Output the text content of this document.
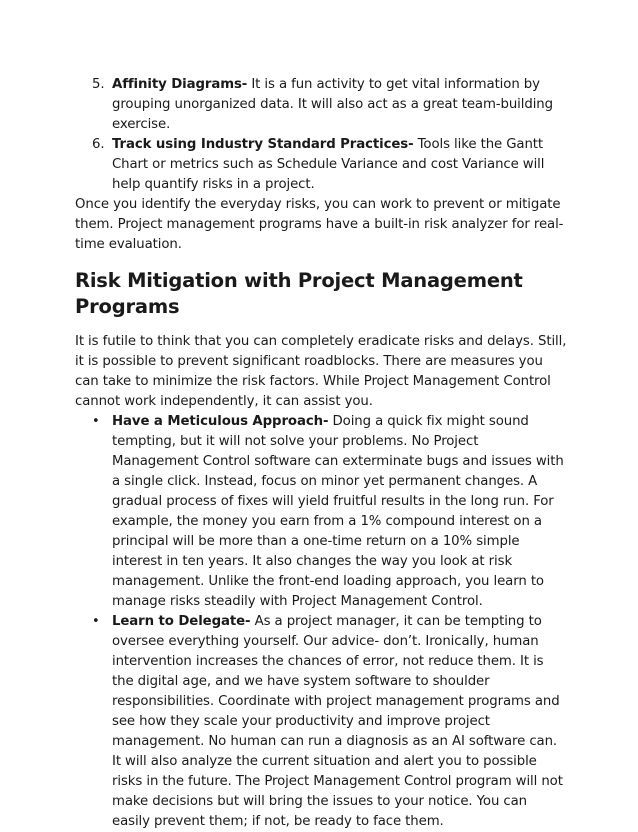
5. Affinity Diagrams- It is a fun activity to get vital information by grouping unorganized data. It will also act as a great team-building exercise.
6. Track using Industry Standard Practices- Tools like the Gantt Chart or metrics such as Schedule Variance and cost Variance will help quantify risks in a project.

Once you identify the everyday risks, you can work to prevent or mitigate them. Project management programs have a built-in risk analyzer for real-time evaluation.

Risk Mitigation with Project Management Programs

It is futile to think that you can completely eradicate risks and delays. Still, it is possible to prevent significant roadblocks. There are measures you can take to minimize the risk factors. While Project Management Control cannot work independently, it can assist you.

• Have a Meticulous Approach- Doing a quick fix might sound tempting, but it will not solve your problems. No Project Management Control software can exterminate bugs and issues with a single click. Instead, focus on minor yet permanent changes. A gradual process of fixes will yield fruitful results in the long run. For example, the money you earn from a 1% compound interest on a principal will be more than a one-time return on a 10% simple interest in ten years. It also changes the way you look at risk management. Unlike the front-end loading approach, you learn to manage risks steadily with Project Management Control.
• Learn to Delegate- As a project manager, it can be tempting to oversee everything yourself. Our advice- don’t. Ironically, human intervention increases the chances of error, not reduce them. It is the digital age, and we have system software to shoulder responsibilities. Coordinate with project management programs and see how they scale your productivity and improve project management. No human can run a diagnosis as an AI software can. It will also analyze the current situation and alert you to possible risks in the future. The Project Management Control program will not make decisions but will bring the issues to your notice. You can easily prevent them; if not, be ready to face them.
